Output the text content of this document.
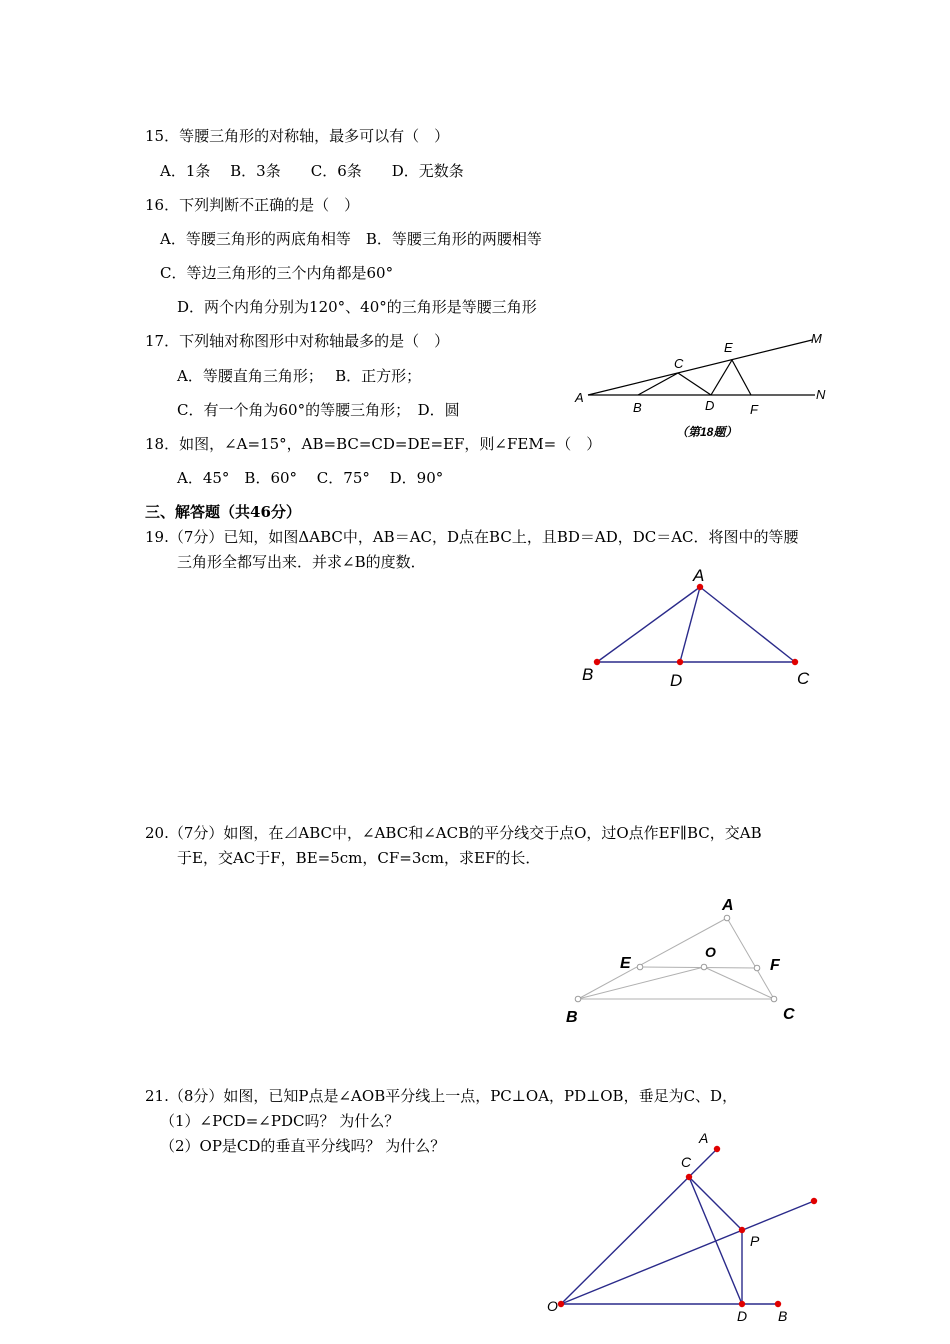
15．等腰三角形的对称轴，最多可以有（　）
A．1条　 B．3条　　C．6条　　D．无数条
16．下列判断不正确的是（　）
A．等腰三角形的两底角相等　B．等腰三角形的两腰相等
C．等边三角形的三个内角都是60°
D．两个内角分别为120°、40°的三角形是等腰三角形
17．下列轴对称图形中对称轴最多的是（　）
A．等腰直角三角形；　 B．正方形；
C．有一个角为60°的等腰三角形；　D．圆
18．如图，∠A=15°，AB=BC=CD=DE=EF，则∠FEM=（　）
A．45°　B．60°　 C．75°　 D．90°
A
B
C
D
E
F
M
N
（第18题）
三、解答题（共46分）
19.（7分）已知，如图ΔABC中，AB＝AC，D点在BC上，且BD＝AD，DC＝AC．将图中的等腰
三角形全都写出来．并求∠B的度数．
A
B	D	C
20.（7分）如图，在⊿ABC中，∠ABC和∠ACB的平分线交于点O，过O点作EF∥BC，交AB
于E，交AC于F，BE=5cm，CF=3cm，求EF的长．
A
E
O
F
B	C
21.（8分）如图，已知P点是∠AOB平分线上一点，PC⊥OA，PD⊥OB，垂足为C、D，
（1）∠PCD=∠PDC吗？ 为什么？
（2）OP是CD的垂直平分线吗？ 为什么？	A
C
P
O
D B
